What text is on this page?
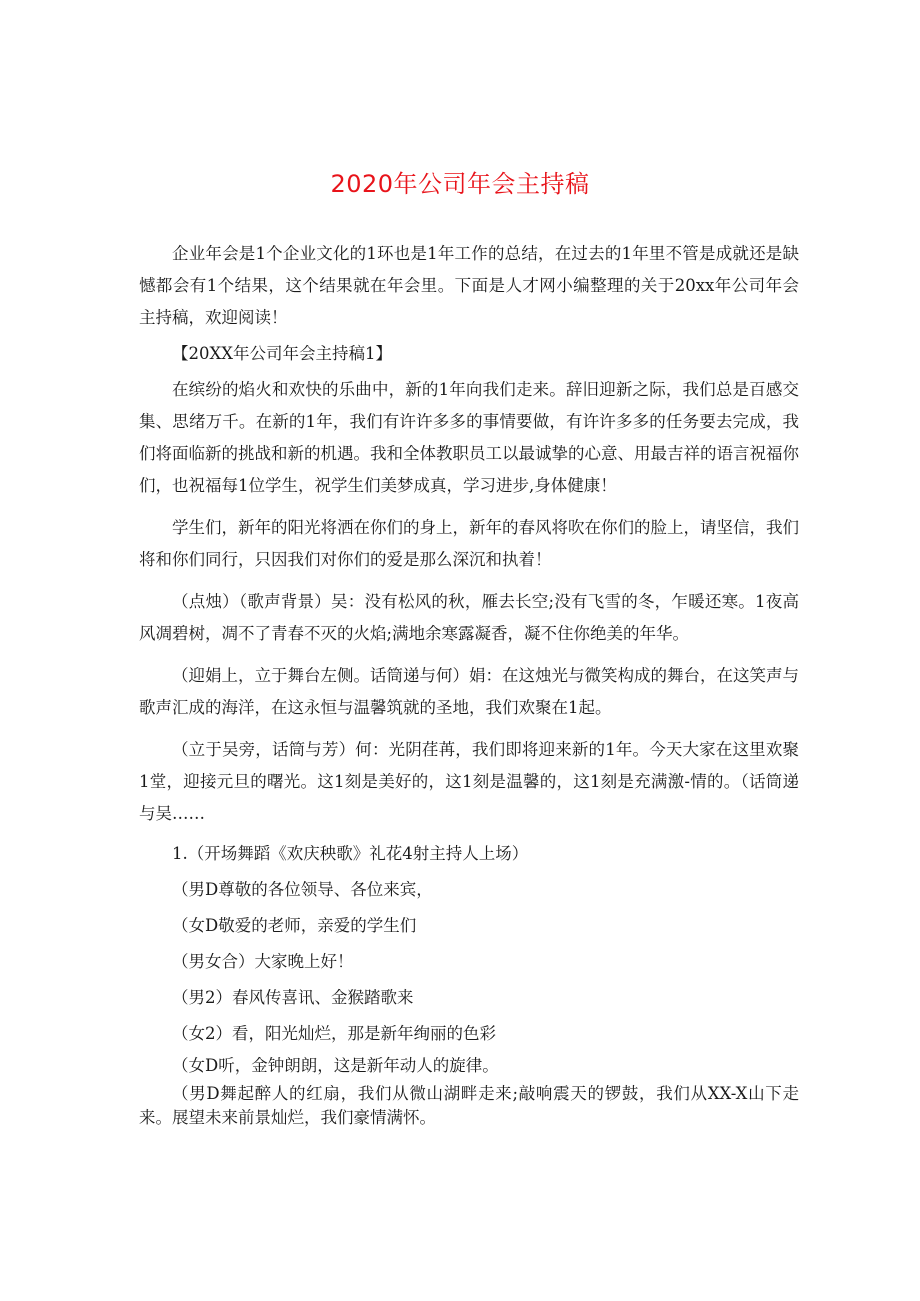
2020年公司年会主持稿

企业年会是1个企业文化的1环也是1年工作的总结，在过去的1年里不管是成就还是缺憾都会有1个结果，这个结果就在年会里。下面是人才网小编整理的关于20xx年公司年会主持稿，欢迎阅读！

【20XX年公司年会主持稿1】

在缤纷的焰火和欢快的乐曲中，新的1年向我们走来。辞旧迎新之际，我们总是百感交集、思绪万千。在新的1年，我们有许许多多的事情要做，有许许多多的任务要去完成，我们将面临新的挑战和新的机遇。我和全体教职员工以最诚挚的心意、用最吉祥的语言祝福你们，也祝福每1位学生，祝学生们美梦成真，学习进步,身体健康！

学生们，新年的阳光将洒在你们的身上，新年的春风将吹在你们的脸上，请坚信，我们将和你们同行，只因我们对你们的爱是那么深沉和执着！

（点烛）（歌声背景）吴：没有松风的秋，雁去长空;没有飞雪的冬，乍暖还寒。1夜高风凋碧树，凋不了青春不灭的火焰;满地余寒露凝香，凝不住你绝美的年华。

（迎娟上，立于舞台左侧。话筒递与何）娟：在这烛光与微笑构成的舞台，在这笑声与歌声汇成的海洋，在这永恒与温馨筑就的圣地，我们欢聚在1起。

（立于吴旁，话筒与芳）何：光阴荏苒，我们即将迎来新的1年。今天大家在这里欢聚1堂，迎接元旦的曙光。这1刻是美好的，这1刻是温馨的，这1刻是充满激-情的。（话筒递与吴……

1.（开场舞蹈《欢庆秧歌》礼花4射主持人上场）

（男D尊敬的各位领导、各位来宾，

（女D敬爱的老师，亲爱的学生们

（男女合）大家晚上好！

（男2）春风传喜讯、金猴踏歌来

（女2）看，阳光灿烂，那是新年绚丽的色彩

（女D听，金钟朗朗，这是新年动人的旋律。

（男D舞起醉人的红扇，我们从微山湖畔走来;敲响震天的锣鼓，我们从XX-X山下走来。展望未来前景灿烂，我们豪情满怀。
